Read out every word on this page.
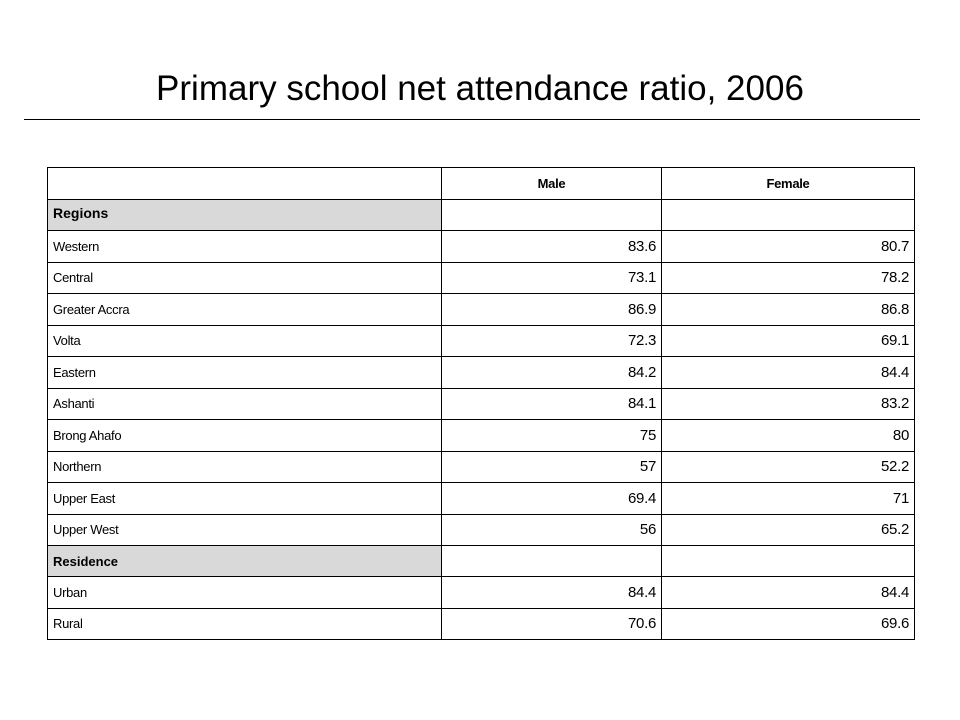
Primary school net attendance ratio, 2006
	Male	Female
Regions		
Western	83.6	80.7
Central	73.1	78.2
Greater Accra	86.9	86.8
Volta	72.3	69.1
Eastern	84.2	84.4
Ashanti	84.1	83.2
Brong Ahafo	75	80
Northern	57	52.2
Upper East	69.4	71
Upper West	56	65.2
Residence		
Urban	84.4	84.4
Rural	70.6	69.6
